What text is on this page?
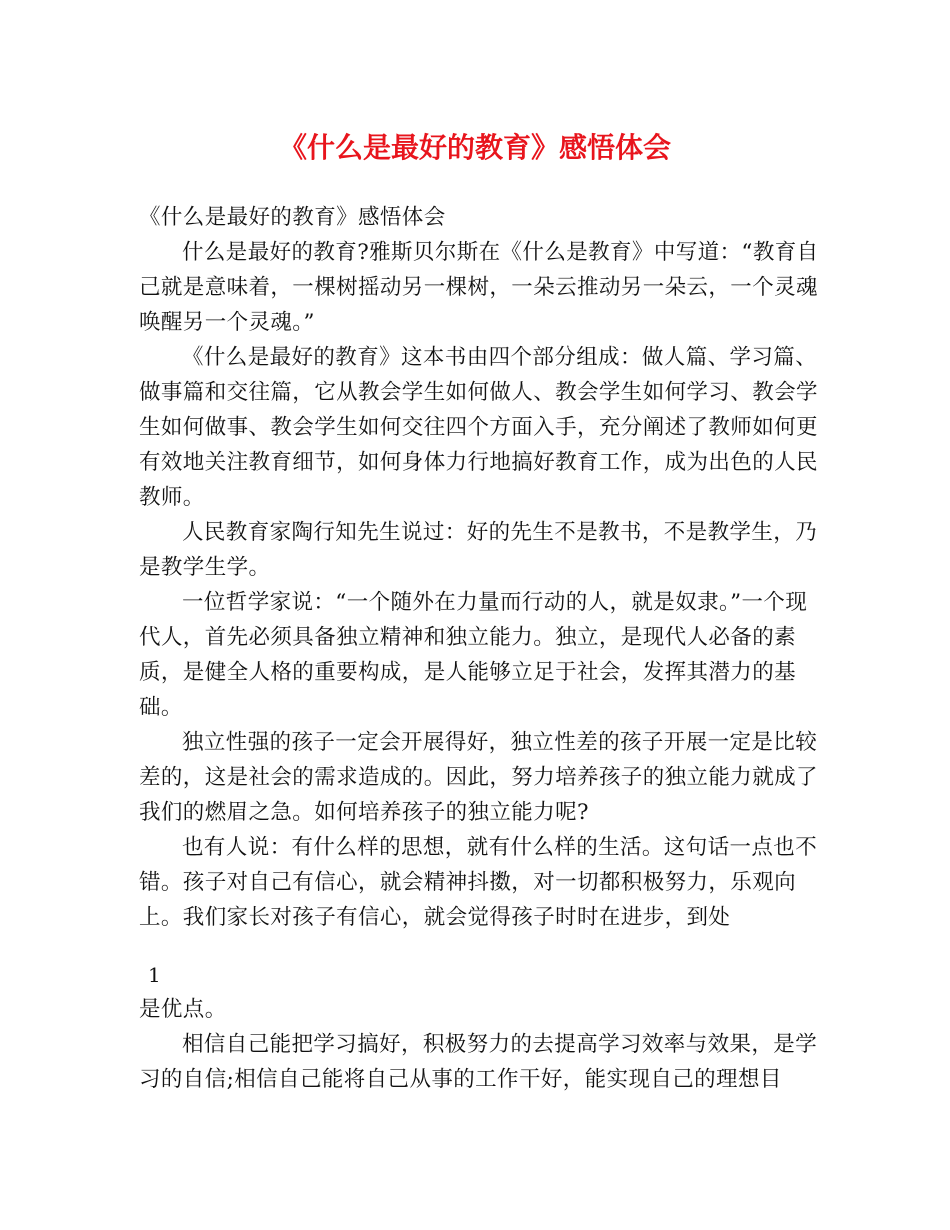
《什么是最好的教育》感悟体会

《什么是最好的教育》感悟体会

什么是最好的教育?雅斯贝尔斯在《什么是教育》中写道：“教育自己就是意味着，一棵树摇动另一棵树，一朵云推动另一朵云，一个灵魂唤醒另一个灵魂。”

《什么是最好的教育》这本书由四个部分组成：做人篇、学习篇、做事篇和交往篇，它从教会学生如何做人、教会学生如何学习、教会学生如何做事、教会学生如何交往四个方面入手，充分阐述了教师如何更有效地关注教育细节，如何身体力行地搞好教育工作，成为出色的人民教师。

人民教育家陶行知先生说过：好的先生不是教书，不是教学生，乃是教学生学。

一位哲学家说：“一个随外在力量而行动的人，就是奴隶。”一个现代人，首先必须具备独立精神和独立能力。独立，是现代人必备的素质，是健全人格的重要构成，是人能够立足于社会，发挥其潜力的基础。

独立性强的孩子一定会开展得好，独立性差的孩子开展一定是比较差的，这是社会的需求造成的。因此，努力培养孩子的独立能力就成了我们的燃眉之急。如何培养孩子的独立能力呢?

也有人说：有什么样的思想，就有什么样的生活。这句话一点也不错。孩子对自己有信心，就会精神抖擞，对一切都积极努力，乐观向上。我们家长对孩子有信心，就会觉得孩子时时在进步，到处

1

是优点。

相信自己能把学习搞好，积极努力的去提高学习效率与效果，是学习的自信;相信自己能将自己从事的工作干好，能实现自己的理想目
